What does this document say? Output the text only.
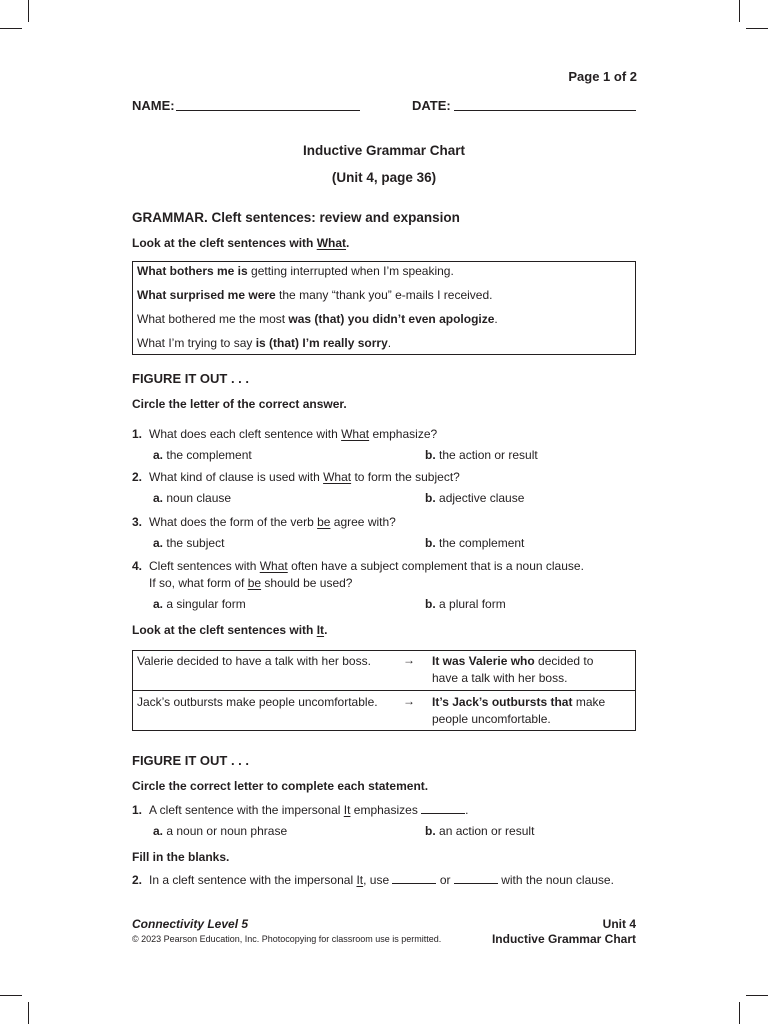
Page 1 of 2
NAME:	DATE:
Inductive Grammar Chart
(Unit 4, page 36)
GRAMMAR. Cleft sentences: review and expansion
Look at the cleft sentences with What.
What bothers me is getting interrupted when I’m speaking.
What surprised me were the many “thank you” e-mails I received.
What bothered me the most was (that) you didn’t even apologize.
What I’m trying to say is (that) I’m really sorry.
FIGURE IT OUT . . .
Circle the letter of the correct answer.
1. What does each cleft sentence with What emphasize?
a. the complement	b. the action or result
2. What kind of clause is used with What to form the subject?
a. noun clause	b. adjective clause
3. What does the form of the verb be agree with?
a. the subject	b. the complement
4. Cleft sentences with What often have a subject complement that is a noun clause.
If so, what form of be should be used?
a. a singular form	b. a plural form
Look at the cleft sentences with It.
Valerie decided to have a talk with her boss.	→ It was Valerie who decided to
have a talk with her boss.
Jack’s outbursts make people uncomfortable. → It’s Jack’s outbursts that make
people uncomfortable.
FIGURE IT OUT . . .
Circle the correct letter to complete each statement.
1. A cleft sentence with the impersonal It emphasizes	.
a. a noun or noun phrase	b. an action or result
Fill in the blanks.
2. In a cleft sentence with the impersonal It, use	or	with the noun clause.
Connectivity Level 5
© 2023 Pearson Education, Inc. Photocopying for classroom use is permitted.
Unit 4
Inductive Grammar Chart
